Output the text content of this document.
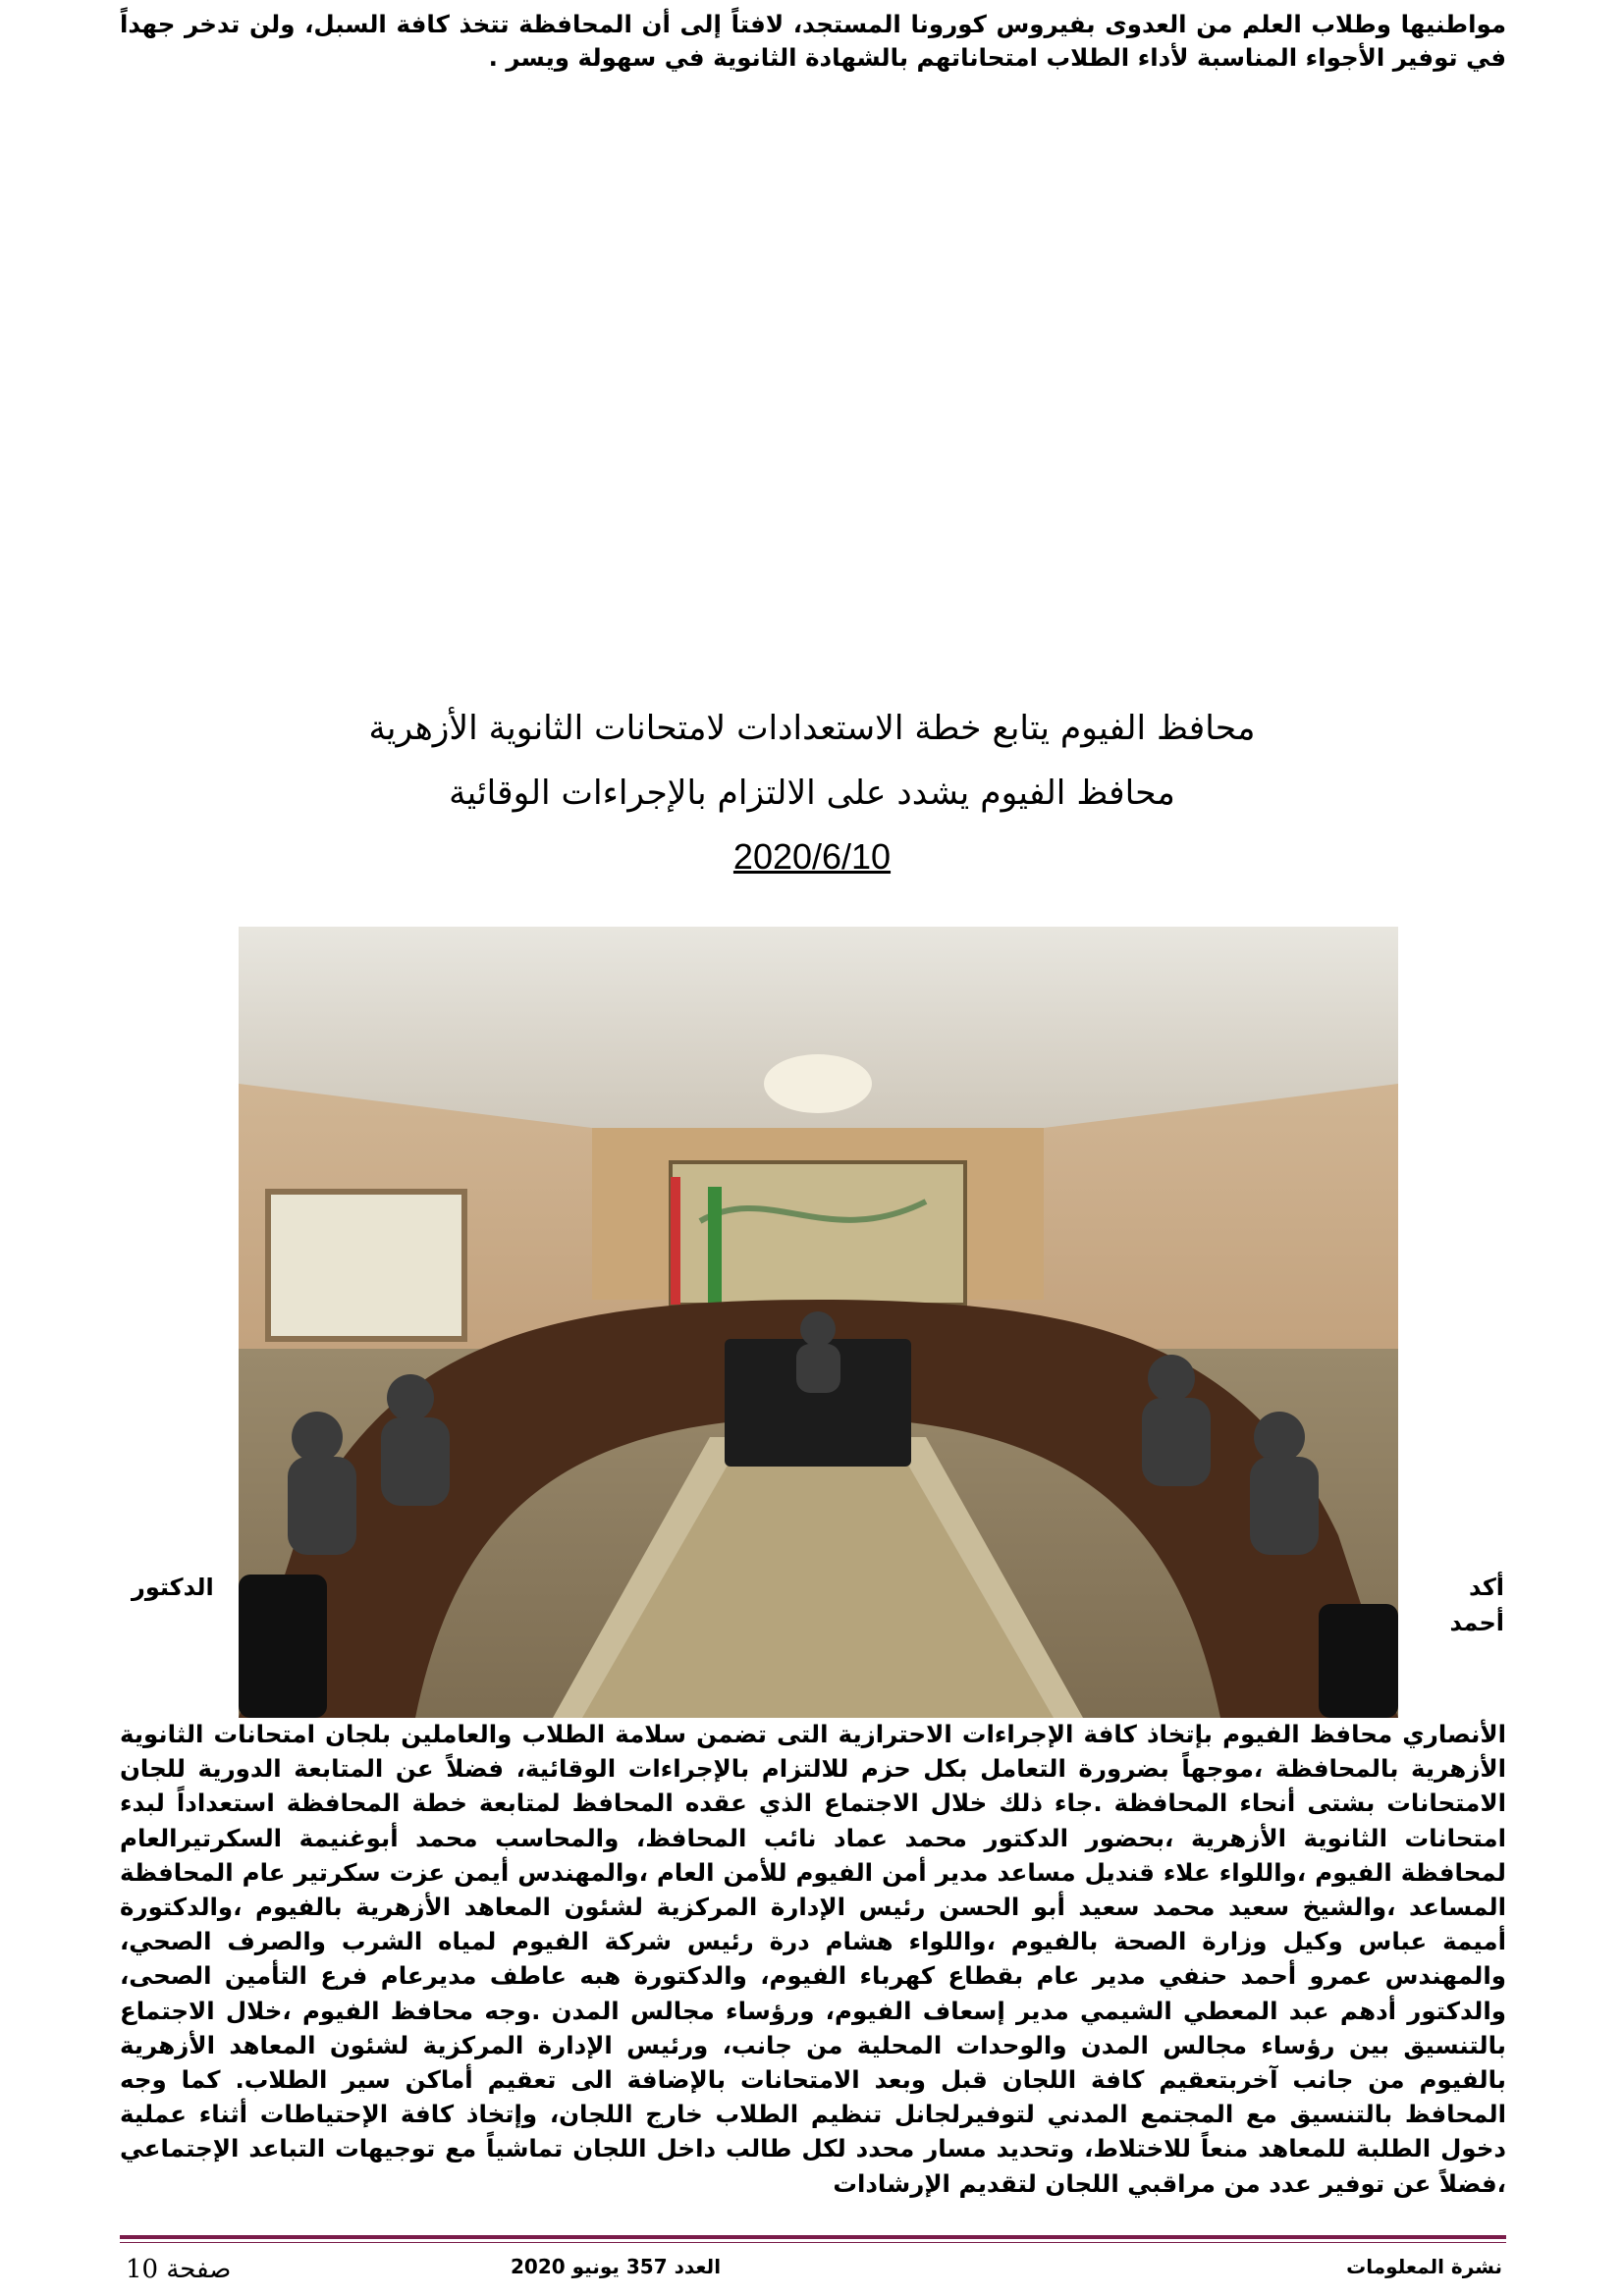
مواطنيها وطلاب العلم من العدوى بفيروس كورونا المستجد، لافتاً إلى أن المحافظة تتخذ كافة السبل، ولن تدخر جهداً في توفير الأجواء المناسبة لأداء الطلاب امتحاناتهم بالشهادة الثانوية في سهولة ويسر .

محافظ الفيوم يتابع خطة الاستعدادات لامتحانات الثانوية الأزهرية
محافظ الفيوم يشدد على الالتزام بالإجراءات الوقائية
2020/6/10
الدكتور	أكد
أحمد

الأنصاري محافظ الفيوم بإتخاذ كافة الإجراءات الاحترازية التى تضمن سلامة الطلاب والعاملين بلجان امتحانات الثانوية الأزهرية بالمحافظة ،موجهاً بضرورة التعامل بكل حزم للالتزام بالإجراءات الوقائية، فضلاً عن المتابعة الدورية للجان الامتحانات بشتى أنحاء المحافظة .جاء ذلك خلال الاجتماع الذي عقده المحافظ لمتابعة خطة المحافظة استعداداً لبدء امتحانات الثانوية الأزهرية ،بحضور الدكتور محمد عماد نائب المحافظ، والمحاسب محمد أبوغنيمة السكرتيرالعام لمحافظة الفيوم ،واللواء علاء قنديل مساعد مدير أمن الفيوم للأمن العام ،والمهندس أيمن عزت سكرتير عام المحافظة المساعد ،والشيخ سعيد محمد سعيد أبو الحسن رئيس الإدارة المركزية لشئون المعاهد الأزهرية بالفيوم ،والدكتورة أميمة عباس وكيل وزارة الصحة بالفيوم ،واللواء هشام درة رئيس شركة الفيوم لمياه الشرب والصرف الصحي، والمهندس عمرو أحمد حنفي مدير عام بقطاع كهرباء الفيوم، والدكتورة هبه عاطف مديرعام فرع التأمين الصحى، والدكتور أدهم عبد المعطي الشيمي مدير إسعاف الفيوم، ورؤساء مجالس المدن .وجه محافظ الفيوم ،خلال الاجتماع بالتنسيق بين رؤساء مجالس المدن والوحدات المحلية من جانب، ورئيس الإدارة المركزية لشئون المعاهد الأزهرية بالفيوم من جانب آخربتعقيم كافة اللجان قبل وبعد الامتحانات بالإضافة الى تعقيم أماكن سير الطلاب. كما وجه المحافظ بالتنسيق مع المجتمع المدني لتوفيرلجانل تنظيم الطلاب خارج اللجان، وإتخاذ كافة الإحتياطات أثناء عملية دخول الطلبة للمعاهد منعاً للاختلاط، وتحديد مسار محدد لكل طالب داخل اللجان تماشياً مع توجيهات التباعد الإجتماعي ،فضلاً عن توفير عدد من مراقبي اللجان لتقديم الإرشادات

صفحة 10	العدد 357 يونيو 2020	نشرة المعلومات
